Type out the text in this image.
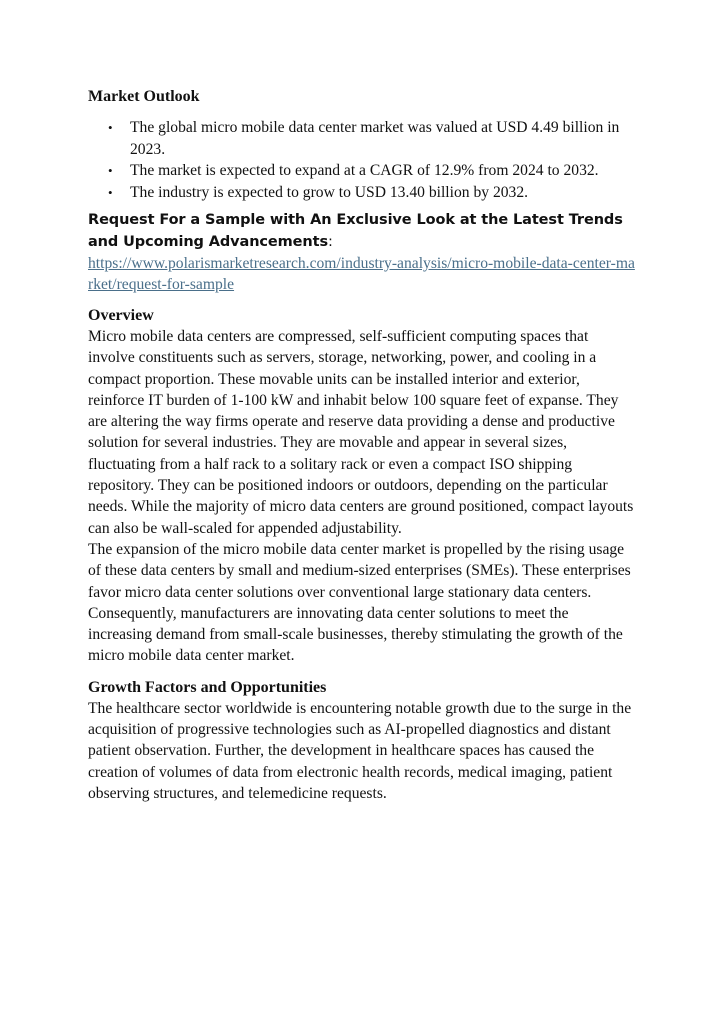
Market Outlook
• The global micro mobile data center market was valued at USD 4.49 billion in 2023.
• The market is expected to expand at a CAGR of 12.9% from 2024 to 2032.
• The industry is expected to grow to USD 13.40 billion by 2032.
Request For a Sample with An Exclusive Look at the Latest Trends and Upcoming Advancements:
https://www.polarismarketresearch.com/industry-analysis/micro-mobile-data-center-market/request-for-sample
Overview

Micro mobile data centers are compressed, self-sufficient computing spaces that involve constituents such as servers, storage, networking, power, and cooling in a compact proportion. These movable units can be installed interior and exterior, reinforce IT burden of 1-100 kW and inhabit below 100 square feet of expanse. They are altering the way firms operate and reserve data providing a dense and productive solution for several industries. They are movable and appear in several sizes, fluctuating from a half rack to a solitary rack or even a compact ISO shipping repository. They can be positioned indoors or outdoors, depending on the particular needs. While the majority of micro data centers are ground positioned, compact layouts can also be wall-scaled for appended adjustability.

The expansion of the micro mobile data center market is propelled by the rising usage of these data centers by small and medium-sized enterprises (SMEs). These enterprises favor micro data center solutions over conventional large stationary data centers. Consequently, manufacturers are innovating data center solutions to meet the increasing demand from small-scale businesses, thereby stimulating the growth of the micro mobile data center market.

Growth Factors and Opportunities

The healthcare sector worldwide is encountering notable growth due to the surge in the acquisition of progressive technologies such as AI-propelled diagnostics and distant patient observation. Further, the development in healthcare spaces has caused the creation of volumes of data from electronic health records, medical imaging, patient observing structures, and telemedicine requests.
